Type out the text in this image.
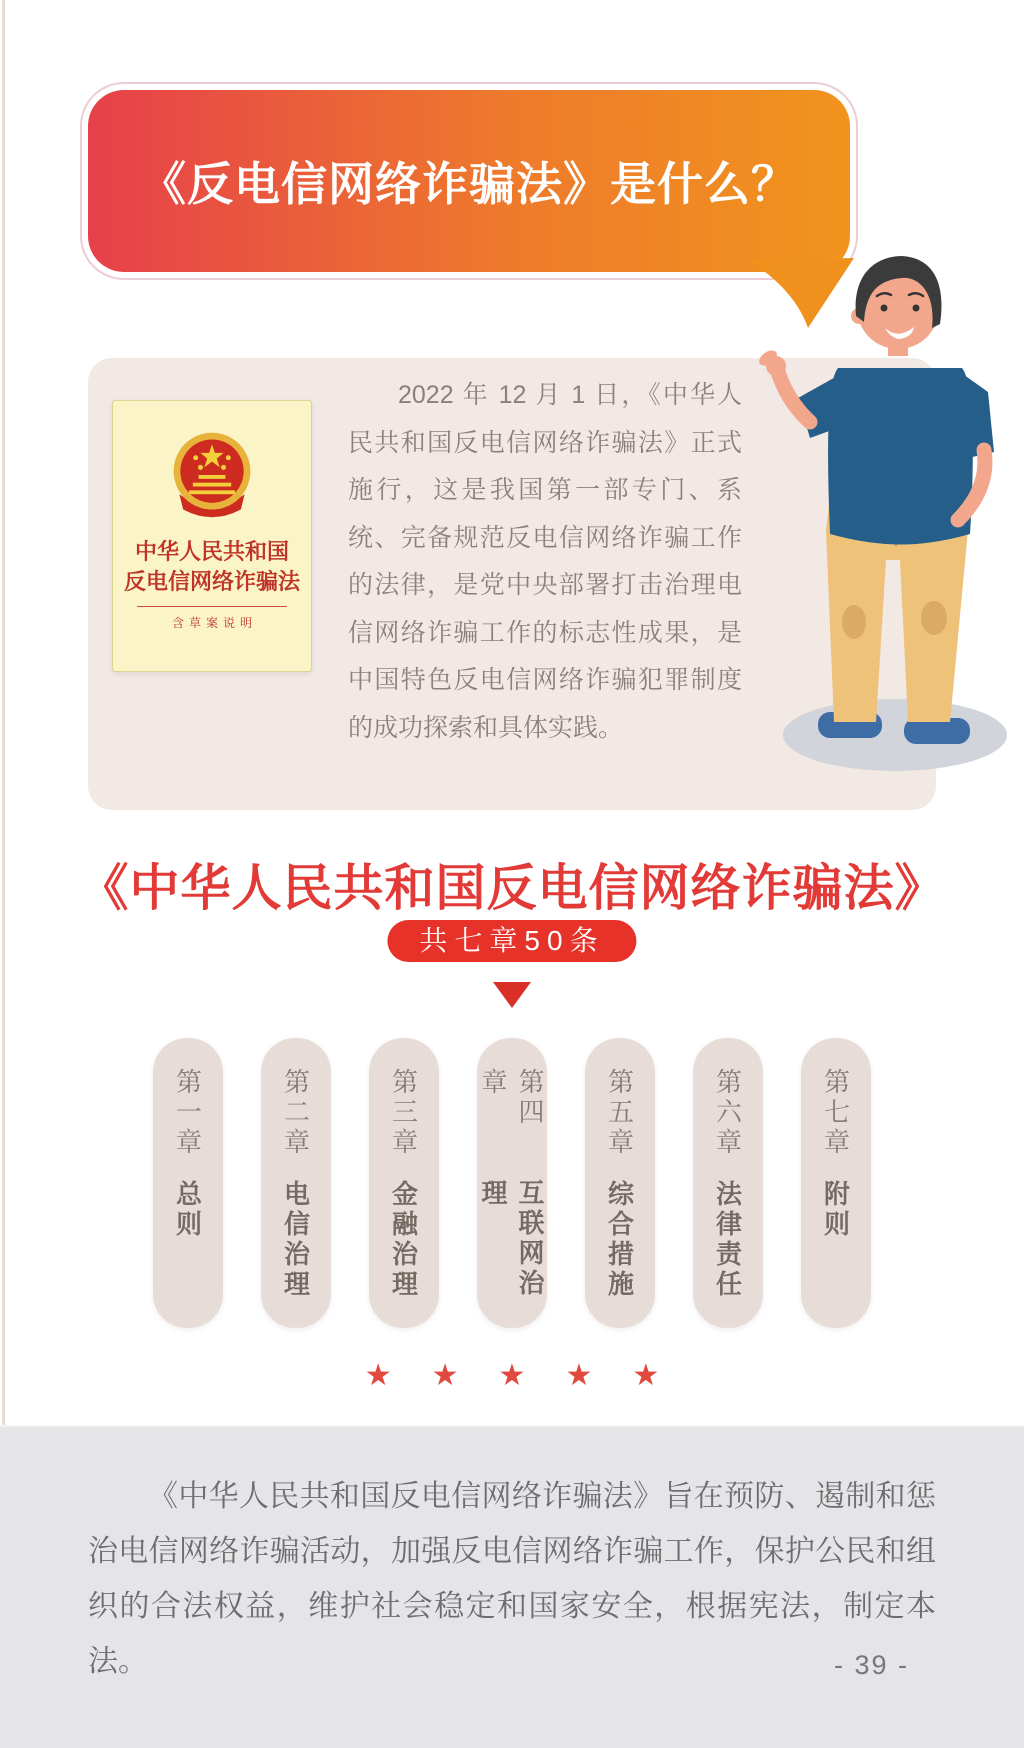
《反电信网络诈骗法》是什么？
中华人民共和国
反电信网络诈骗法
含草案说明
2022 年 12 月 1 日，《中华人民共和国反电信网络诈骗法》正式施行，这是我国第一部专门、系统、完备规范反电信网络诈骗工作的法律，是党中央部署打击治理电信网络诈骗工作的标志性成果，是中国特色反电信网络诈骗犯罪制度的成功探索和具体实践。
《中华人民共和国反电信网络诈骗法》
共七章50条
第一章
总则
第二章
电信治理
第三章
金融治理
第四章
互联网治理
第五章
综合措施
第六章
法律责任
第七章
附则
★ ★ ★ ★ ★
《中华人民共和国反电信网络诈骗法》旨在预防、遏制和惩治电信网络诈骗活动，加强反电信网络诈骗工作，保护公民和组织的合法权益，维护社会稳定和国家安全，根据宪法，制定本法。	- 39 -
